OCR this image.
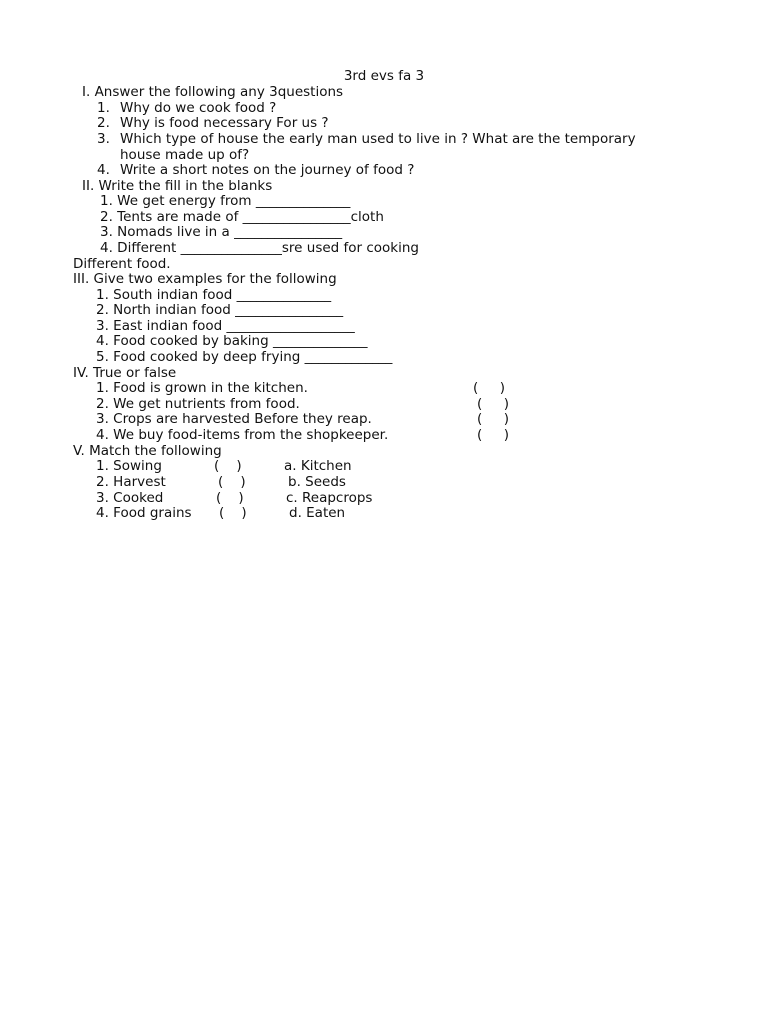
3rd evs fa 3
I. Answer the following any 3questions
1. Why do we cook food ?
2. Why is food necessary For us ?
3. Which type of house the early man used to live in ? What are the temporary
house made up of?
4. Write a short notes on the journey of food ?
II. Write the fill in the blanks
1. We get energy from ______________
2. Tents are made of ________________cloth
3. Nomads live in a ________________
4. Different _______________sre used for cooking
Different food.
III. Give two examples for the following
1. South indian food ______________
2. North indian food ________________
3. East indian food ___________________
4. Food cooked by baking ______________
5. Food cooked by deep frying _____________
IV. True or false
1. Food is grown in the kitchen.	(     )
2. We get nutrients from food.	(     )
3. Crops are harvested Before they reap.	(     )
4. We buy food-items from the shopkeeper.	(     )
V. Match the following
1. Sowing	(    )	a. Kitchen
2. Harvest	(    )	b. Seeds
3. Cooked	(    )	c. Reapcrops
4. Food grains (    )	d. Eaten
